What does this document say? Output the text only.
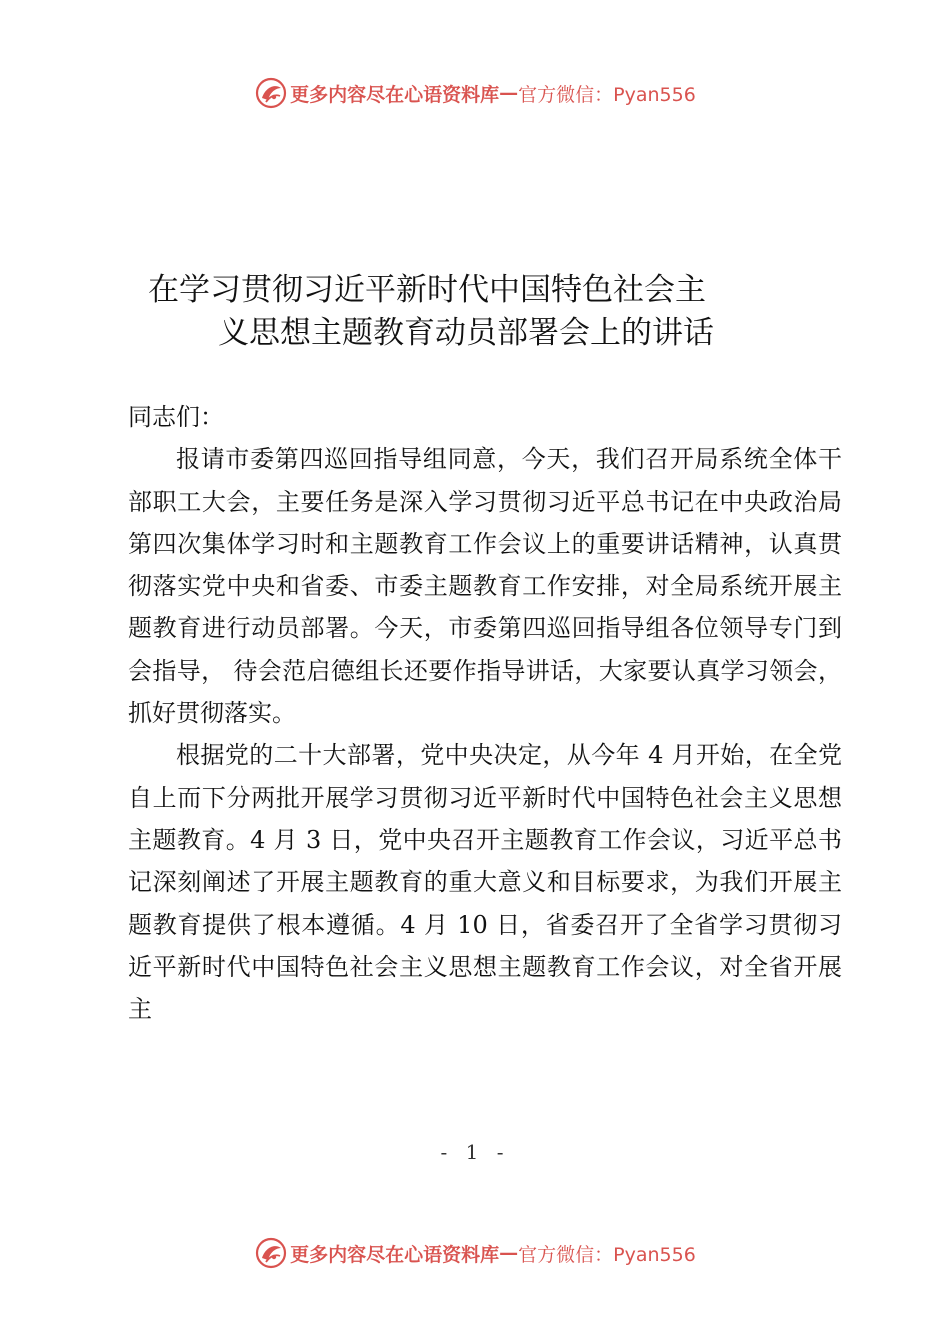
更多内容尽在心语资料库 — 官方微信：Pyan556
在学习贯彻习近平新时代中国特色社会主
义思想主题教育动员部署会上的讲话

同志们：

报请市委第四巡回指导组同意，今天，我们召开局系统全体干部职工大会，主要任务是深入学习贯彻习近平总书记在中央政治局第四次集体学习时和主题教育工作会议上的重要讲话精神，认真贯彻落实党中央和省委、市委主题教育工作安排，对全局系统开展主题教育进行动员部署。今天，市委第四巡回指导组各位领导专门到会指导， 待会范启德组长还要作指导讲话，大家要认真学习领会， 抓好贯彻落实。

根据党的二十大部署，党中央决定，从今年 4 月开始，在全党自上而下分两批开展学习贯彻习近平新时代中国特色社会主义思想主题教育。4 月 3 日，党中央召开主题教育工作会议，习近平总书记深刻阐述了开展主题教育的重大意义和目标要求，为我们开展主题教育提供了根本遵循。4 月 10 日，省委召开了全省学习贯彻习近平新时代中国特色社会主义思想主题教育工作会议，对全省开展主

- 1 -
更多内容尽在心语资料库 — 官方微信：Pyan556
